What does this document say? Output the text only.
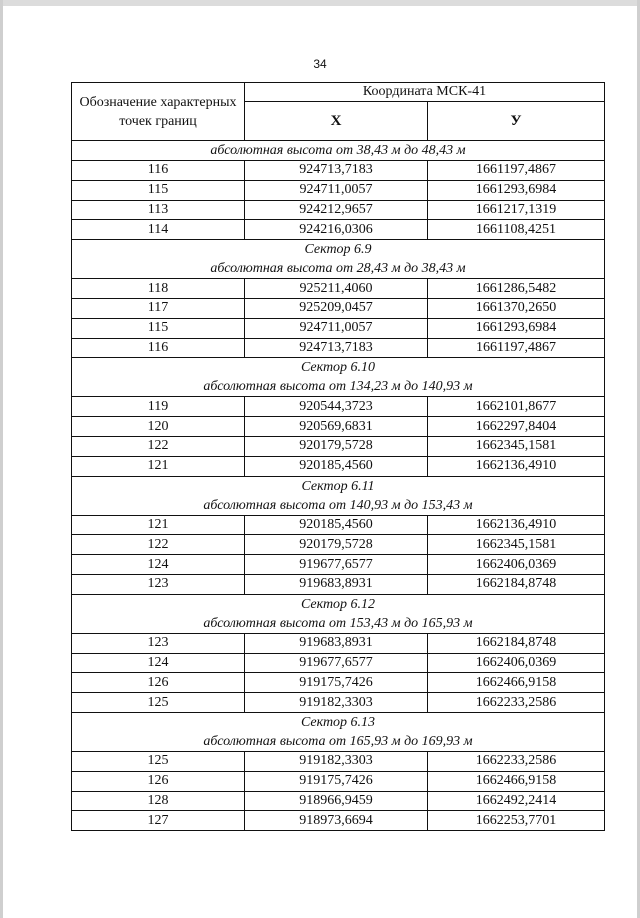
34
Обозначение характерных точек границ	Координата МСК-41	
	Х	У

абсолютная высота от 38,43 м до 48,43 м		

116	924713,7183	1661197,4867
115	924711,0057	1661293,6984
113	924212,9657	1661217,1319
114	924216,0306	1661108,4251

Сектор 6.9
абсолютная высота от 28,43 м до 38,43 м		

118	925211,4060	1661286,5482
117	925209,0457	1661370,2650
115	924711,0057	1661293,6984
116	924713,7183	1661197,4867

Сектор 6.10
абсолютная высота от 134,23 м до 140,93 м		

119	920544,3723	1662101,8677
120	920569,6831	1662297,8404
122	920179,5728	1662345,1581
121	920185,4560	1662136,4910

Сектор 6.11
абсолютная высота от 140,93 м до 153,43 м		

121	920185,4560	1662136,4910
122	920179,5728	1662345,1581
124	919677,6577	1662406,0369
123	919683,8931	1662184,8748

Сектор 6.12
абсолютная высота от 153,43 м до 165,93 м		

123	919683,8931	1662184,8748
124	919677,6577	1662406,0369
126	919175,7426	1662466,9158
125	919182,3303	1662233,2586

Сектор 6.13
абсолютная высота от 165,93 м до 169,93 м		

125	919182,3303	1662233,2586
126	919175,7426	1662466,9158
128	918966,9459	1662492,2414
127	918973,6694	1662253,7701
